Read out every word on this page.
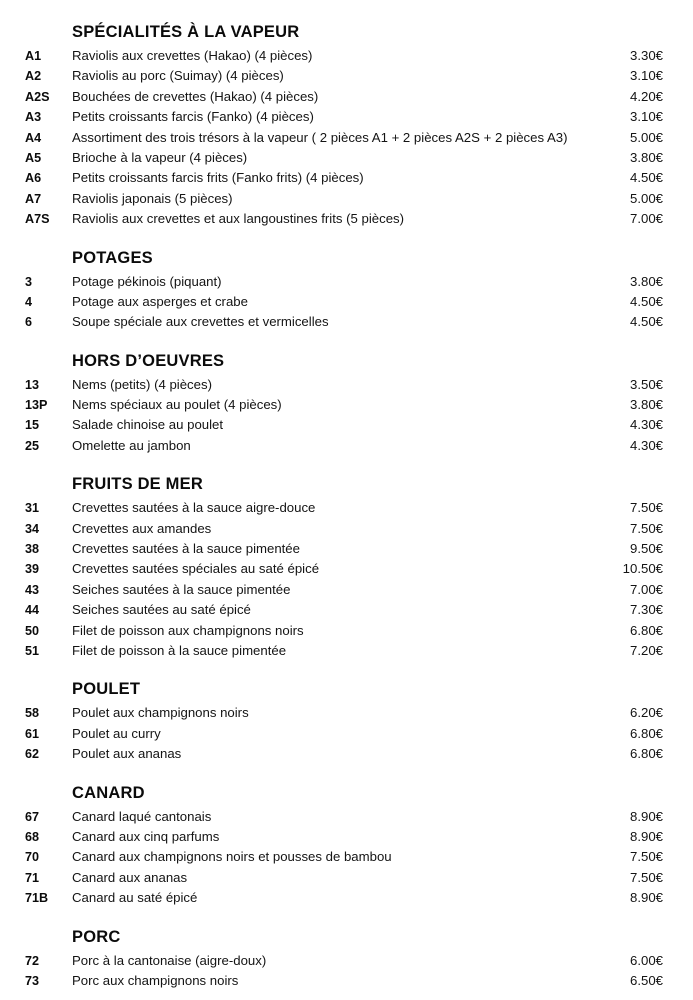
SPÉCIALITÉS À LA VAPEUR
A1	Raviolis aux crevettes (Hakao) (4 pièces)	3.30€
A2	Raviolis au porc (Suimay) (4 pièces)	3.10€
A2S	Bouchées de crevettes (Hakao) (4 pièces)	4.20€
A3	Petits croissants farcis (Fanko) (4 pièces)	3.10€
A4	Assortiment des trois trésors à la vapeur ( 2 pièces A1 + 2 pièces A2S + 2 pièces A3)	5.00€
A5	Brioche à la vapeur (4 pièces)	3.80€
A6	Petits croissants farcis frits (Fanko frits) (4 pièces)	4.50€
A7	Raviolis japonais (5 pièces)	5.00€
A7S	Raviolis aux crevettes et aux langoustines frits (5 pièces)	7.00€
POTAGES
3	Potage pékinois (piquant)	3.80€
4	Potage aux asperges et crabe	4.50€
6	Soupe spéciale aux crevettes et vermicelles	4.50€
HORS D’OEUVRES
13	Nems (petits) (4 pièces)	3.50€
13P	Nems spéciaux au poulet (4 pièces)	3.80€
15	Salade chinoise au poulet	4.30€
25	Omelette au jambon	4.30€
FRUITS DE MER
31	Crevettes sautées à la sauce aigre-douce	7.50€
34	Crevettes aux amandes	7.50€
38	Crevettes sautées à la sauce pimentée	9.50€
39	Crevettes sautées spéciales au saté épicé	10.50€
43	Seiches sautées à la sauce pimentée	7.00€
44	Seiches sautées au saté épicé	7.30€
50	Filet de poisson aux champignons noirs	6.80€
51	Filet de poisson à la sauce pimentée	7.20€
POULET
58	Poulet aux champignons noirs	6.20€
61	Poulet au curry	6.80€
62	Poulet aux ananas	6.80€
CANARD
67	Canard laqué cantonais	8.90€
68	Canard aux cinq parfums	8.90€
70	Canard aux champignons noirs et pousses de bambou	7.50€
71	Canard aux ananas	7.50€
71B	Canard au saté épicé	8.90€
PORC
72	Porc à la cantonaise (aigre-doux)	6.00€
73	Porc aux champignons noirs	6.50€
